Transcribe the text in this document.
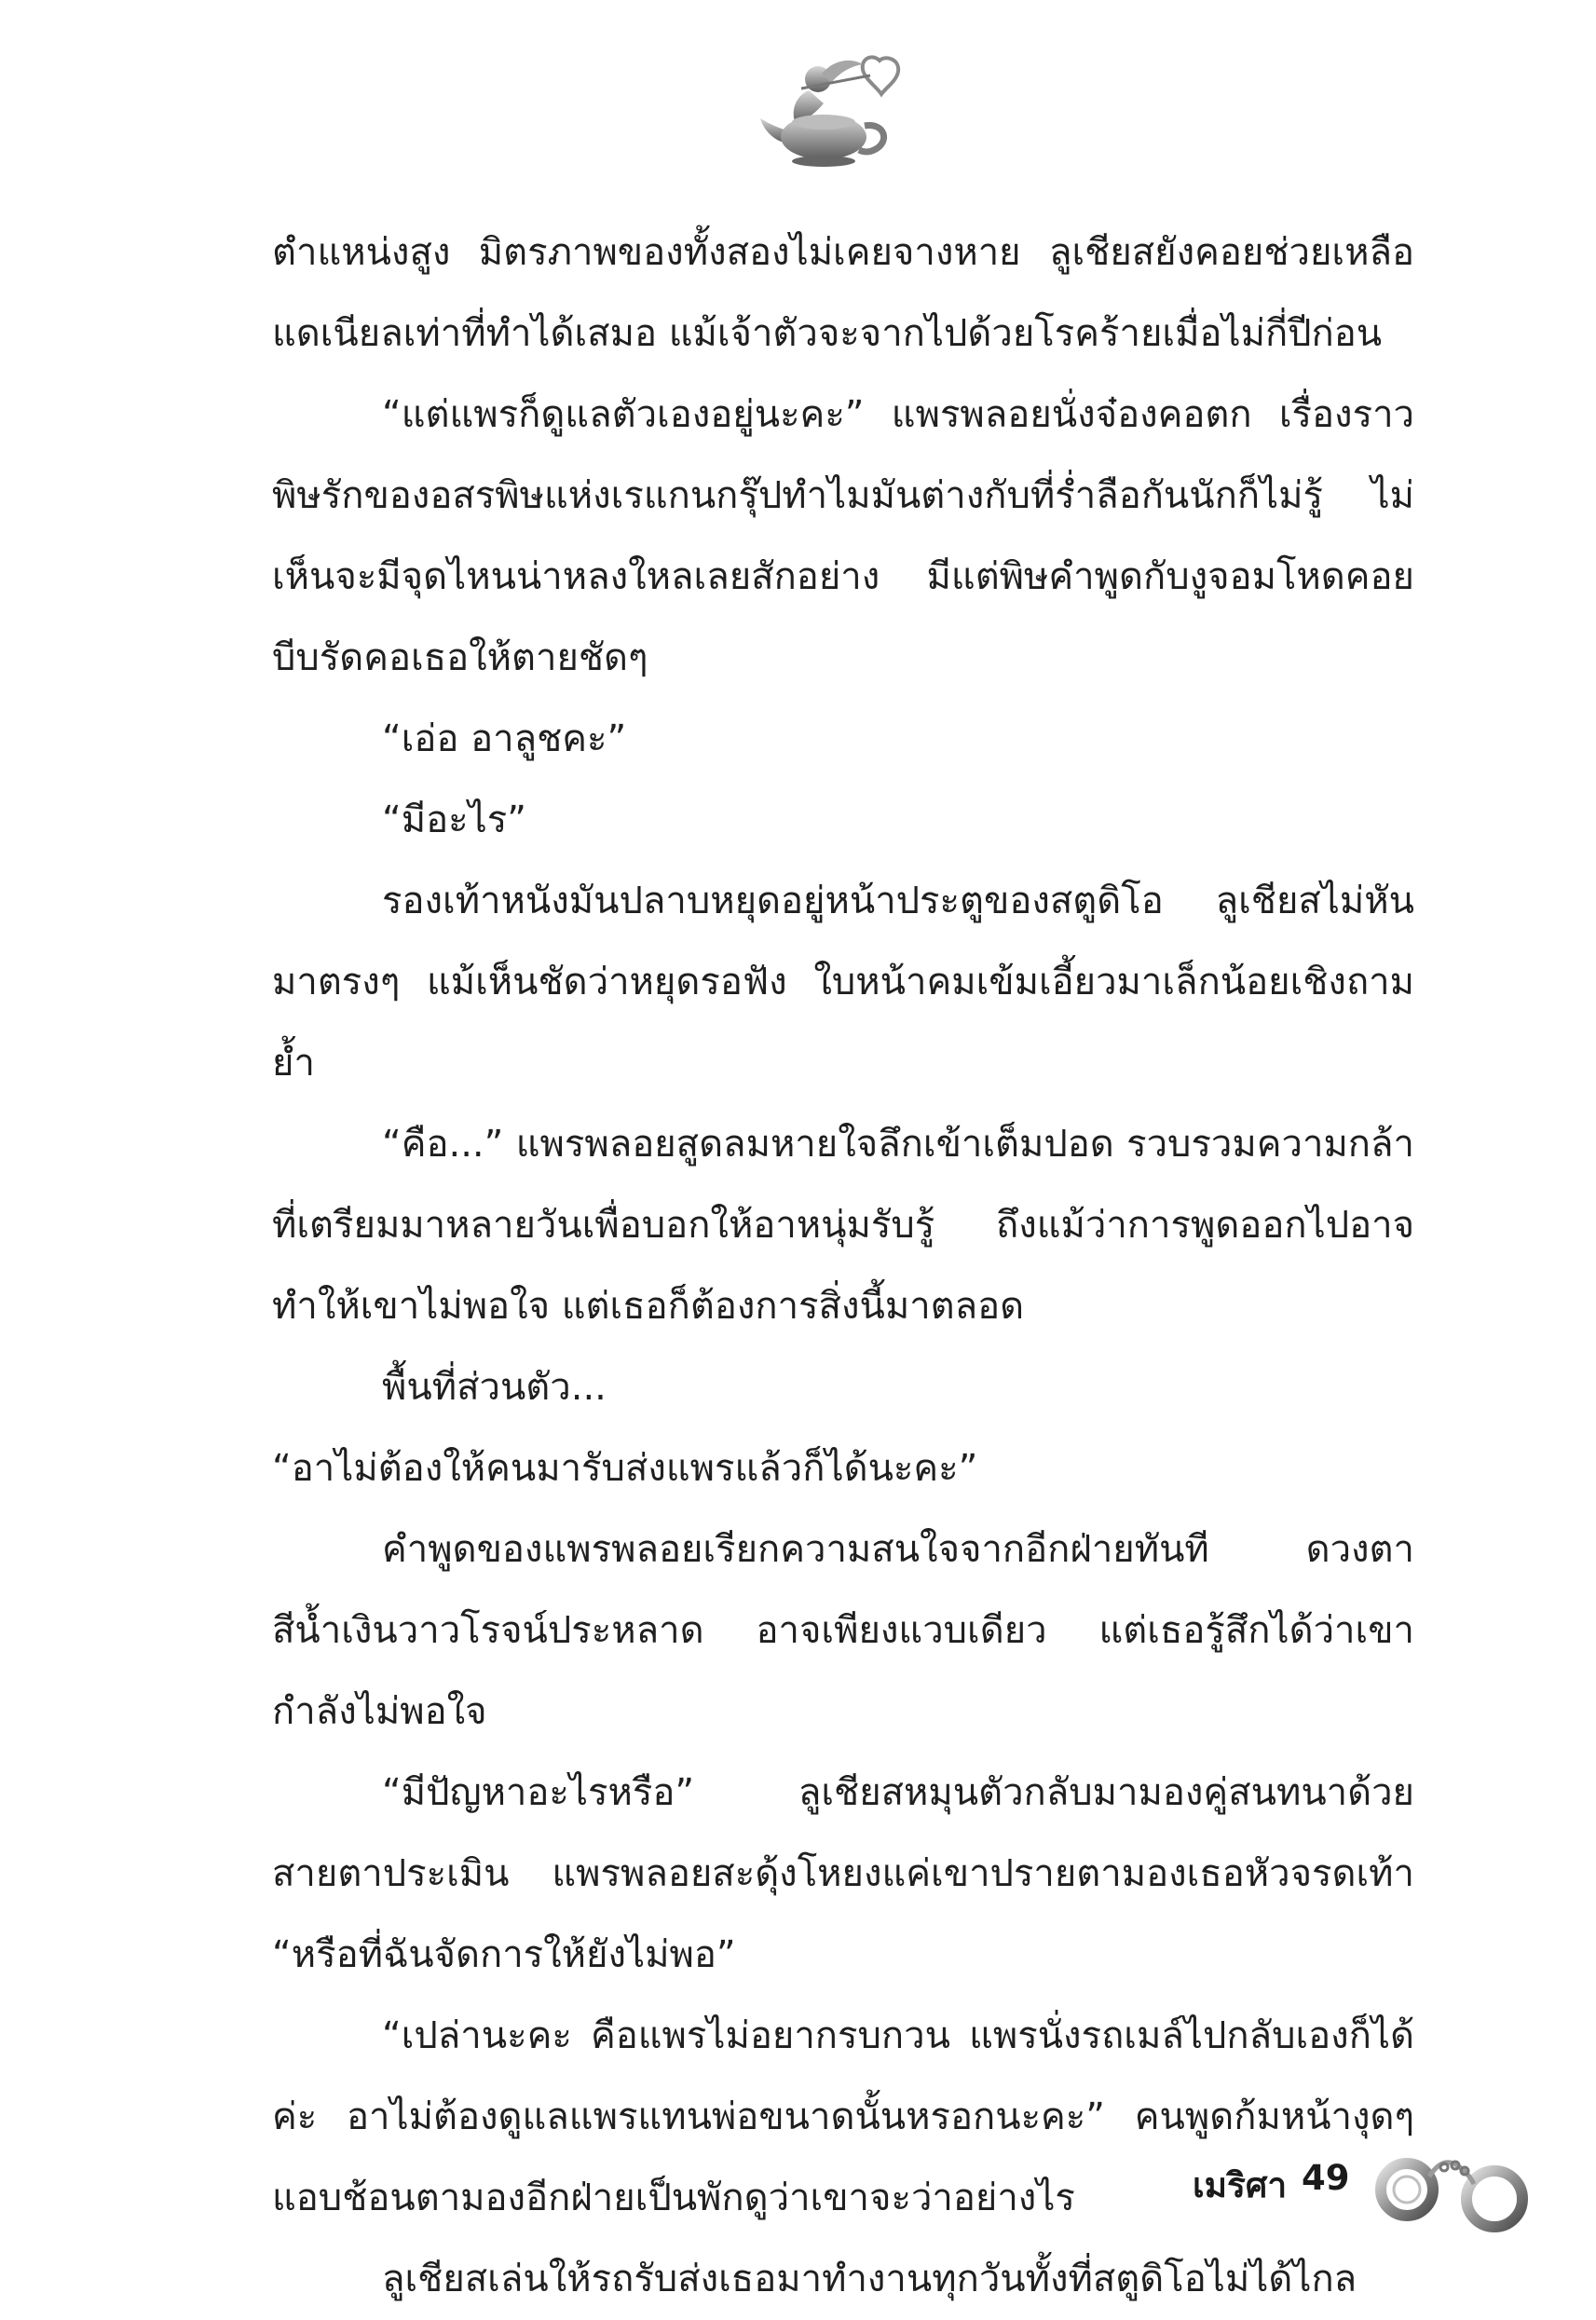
ตำแหน่งสูง มิตรภาพของทั้งสองไม่เคยจางหาย ลูเชียสยังคอยช่วยเหลือแดเนียลเท่าที่ทำได้เสมอ แม้เจ้าตัวจะจากไปด้วยโรคร้ายเมื่อไม่กี่ปีก่อน

“แต่แพรก็ดูแลตัวเองอยู่นะคะ” แพรพลอยนั่งจ๋องคอตก เรื่องราวพิษรักของอสรพิษแห่งเรแกนกรุ๊ปทำไมมันต่างกับที่ร่ำลือกันนักก็ไม่รู้ ไม่เห็นจะมีจุดไหนน่าหลงใหลเลยสักอย่าง มีแต่พิษคำพูดกับงูจอมโหดคอยบีบรัดคอเธอให้ตายชัดๆ

“เอ่อ อาลูชคะ”

“มีอะไร”

รองเท้าหนังมันปลาบหยุดอยู่หน้าประตูของสตูดิโอ ลูเชียสไม่หันมาตรงๆ แม้เห็นชัดว่าหยุดรอฟัง ใบหน้าคมเข้มเอี้ยวมาเล็กน้อยเชิงถามย้ำ

“คือ...” แพรพลอยสูดลมหายใจลึกเข้าเต็มปอด รวบรวมความกล้าที่เตรียมมาหลายวันเพื่อบอกให้อาหนุ่มรับรู้ ถึงแม้ว่าการพูดออกไปอาจทำให้เขาไม่พอใจ แต่เธอก็ต้องการสิ่งนี้มาตลอด

พื้นที่ส่วนตัว...

“อาไม่ต้องให้คนมารับส่งแพรแล้วก็ได้นะคะ”

คำพูดของแพรพลอยเรียกความสนใจจากอีกฝ่ายทันที ดวงตาสีน้ำเงินวาวโรจน์ประหลาด อาจเพียงแวบเดียว แต่เธอรู้สึกได้ว่าเขากำลังไม่พอใจ

“มีปัญหาอะไรหรือ” ลูเชียสหมุนตัวกลับมามองคู่สนทนาด้วยสายตาประเมิน แพรพลอยสะดุ้งโหยงแค่เขาปรายตามองเธอหัวจรดเท้า “หรือที่ฉันจัดการให้ยังไม่พอ”

“เปล่านะคะ คือแพรไม่อยากรบกวน แพรนั่งรถเมล์ไปกลับเองก็ได้ค่ะ อาไม่ต้องดูแลแพรแทนพ่อขนาดนั้นหรอกนะคะ” คนพูดก้มหน้างุดๆ แอบช้อนตามองอีกฝ่ายเป็นพักดูว่าเขาจะว่าอย่างไร

ลูเชียสเล่นให้รถรับส่งเธอมาทำงานทุกวันทั้งที่สตูดิโอไม่ได้ไกล

เมริศา 49
